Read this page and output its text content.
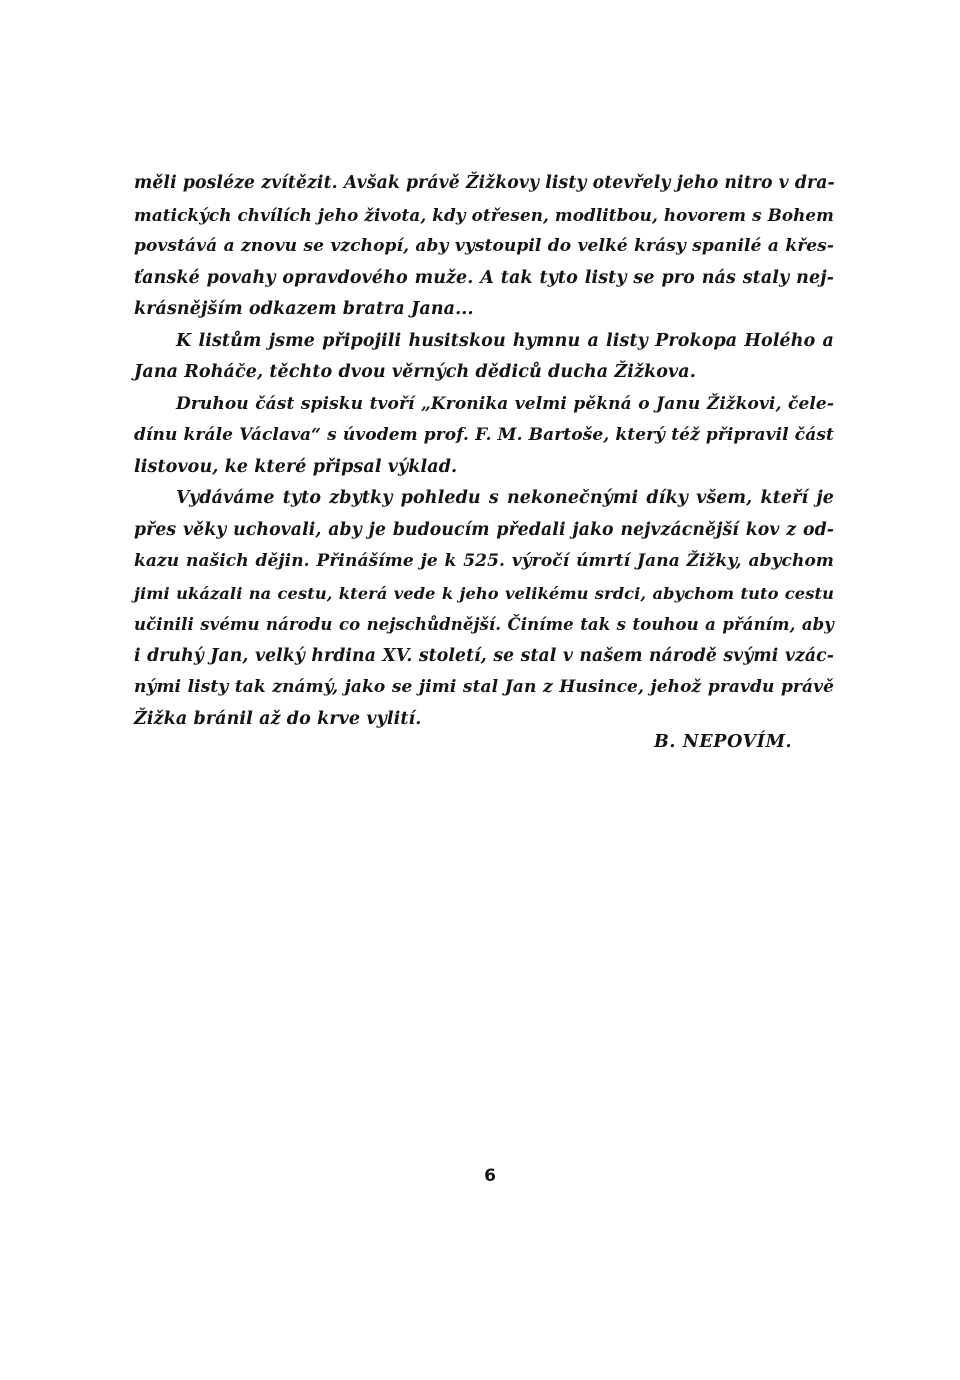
měli posléze zvítězit. Avšak právě Žižkovy listy otevřely jeho nitro v dra-
matických chvílích jeho života, kdy otřesen, modlitbou, hovorem s Bohem
povstává a znovu se vzchopí, aby vystoupil do velké krásy spanilé a křes-
ťanské povahy opravdového muže. A tak tyto listy se pro nás staly nej-
krásnějším odkazem bratra Jana...
K listům jsme připojili husitskou hymnu a listy Prokopa Holého a
Jana Roháče, těchto dvou věrných dědiců ducha Žižkova.
Druhou část spisku tvoří „Kronika velmi pěkná o Janu Žižkovi, čele-
dínu krále Václava“ s úvodem prof. F. M. Bartoše, který též připravil část
listovou, ke které připsal výklad.
Vydáváme tyto zbytky pohledu s nekonečnými díky všem, kteří je
přes věky uchovali, aby je budoucím předali jako nejvzácnější kov z od-
kazu našich dějin. Přinášíme je k 525. výročí úmrtí Jana Žižky, abychom
jimi ukázali na cestu, která vede k jeho velikému srdci, abychom tuto cestu
učinili svému národu co nejschůdnější. Činíme tak s touhou a přáním, aby
i druhý Jan, velký hrdina XV. století, se stal v našem národě svými vzác-
nými listy tak známý, jako se jimi stal Jan z Husince, jehož pravdu právě
Žižka bránil až do krve vylití.
B. NEPOVÍM.
6
